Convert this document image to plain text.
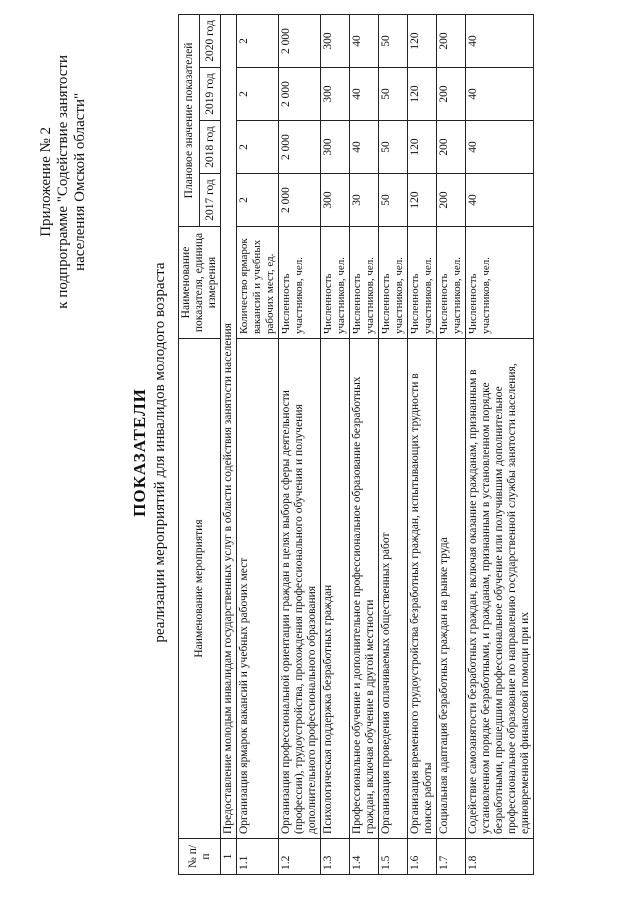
Приложение № 2 к подпрограмме "Содействие занятости населения Омской области"
ПОКАЗАТЕЛИ реализации мероприятий для инвалидов молодого возраста
№ п/п	Наименование мероприятия	Наименование показателя, единица измерения	Плановое значение показателей			
			2017 год	2018 год	2019 год	2020 год
1	Предоставление молодым инвалидам государственных услуг в области содействия занятости населения					
1.1	Организация ярмарок вакансий и учебных рабочих мест	Количество ярмарок вакансий и учебных рабочих мест, ед.	2	2	2	2
1.2	Организация профессиональной ориентации граждан в целях выбора сферы деятельности (профессии), трудоустройства, прохождения профессионального обучения и получения дополнительного профессионального образования	Численность участников, чел.	2 000	2 000	2 000	2 000
1.3	Психологическая поддержка безработных граждан	Численность участников, чел.	300	300	300	300
1.4	Профессиональное обучение и дополнительное профессиональное образование безработных граждан, включая обучение в другой местности	Численность участников, чел.	30	40	40	40
1.5	Организация проведения оплачиваемых общественных работ	Численность участников, чел.	50	50	50	50
1.6	Организация временного трудоустройства безработных граждан, испытывающих трудности в поиске работы	Численность участников, чел.	120	120	120	120
1.7	Социальная адаптация безработных граждан на рынке труда	Численность участников, чел.	200	200	200	200
1.8	Содействие самозанятости безработных граждан, включая оказание гражданам, признанным в установленном порядке безработными, и гражданам, признанным в установленном порядке безработными, прошедшим профессиональное обучение или получившим дополнительное профессиональное образование по направлению государственной службы занятости населения, единовременной финансовой помощи при их	Численность участников, чел.	40	40	40	40
